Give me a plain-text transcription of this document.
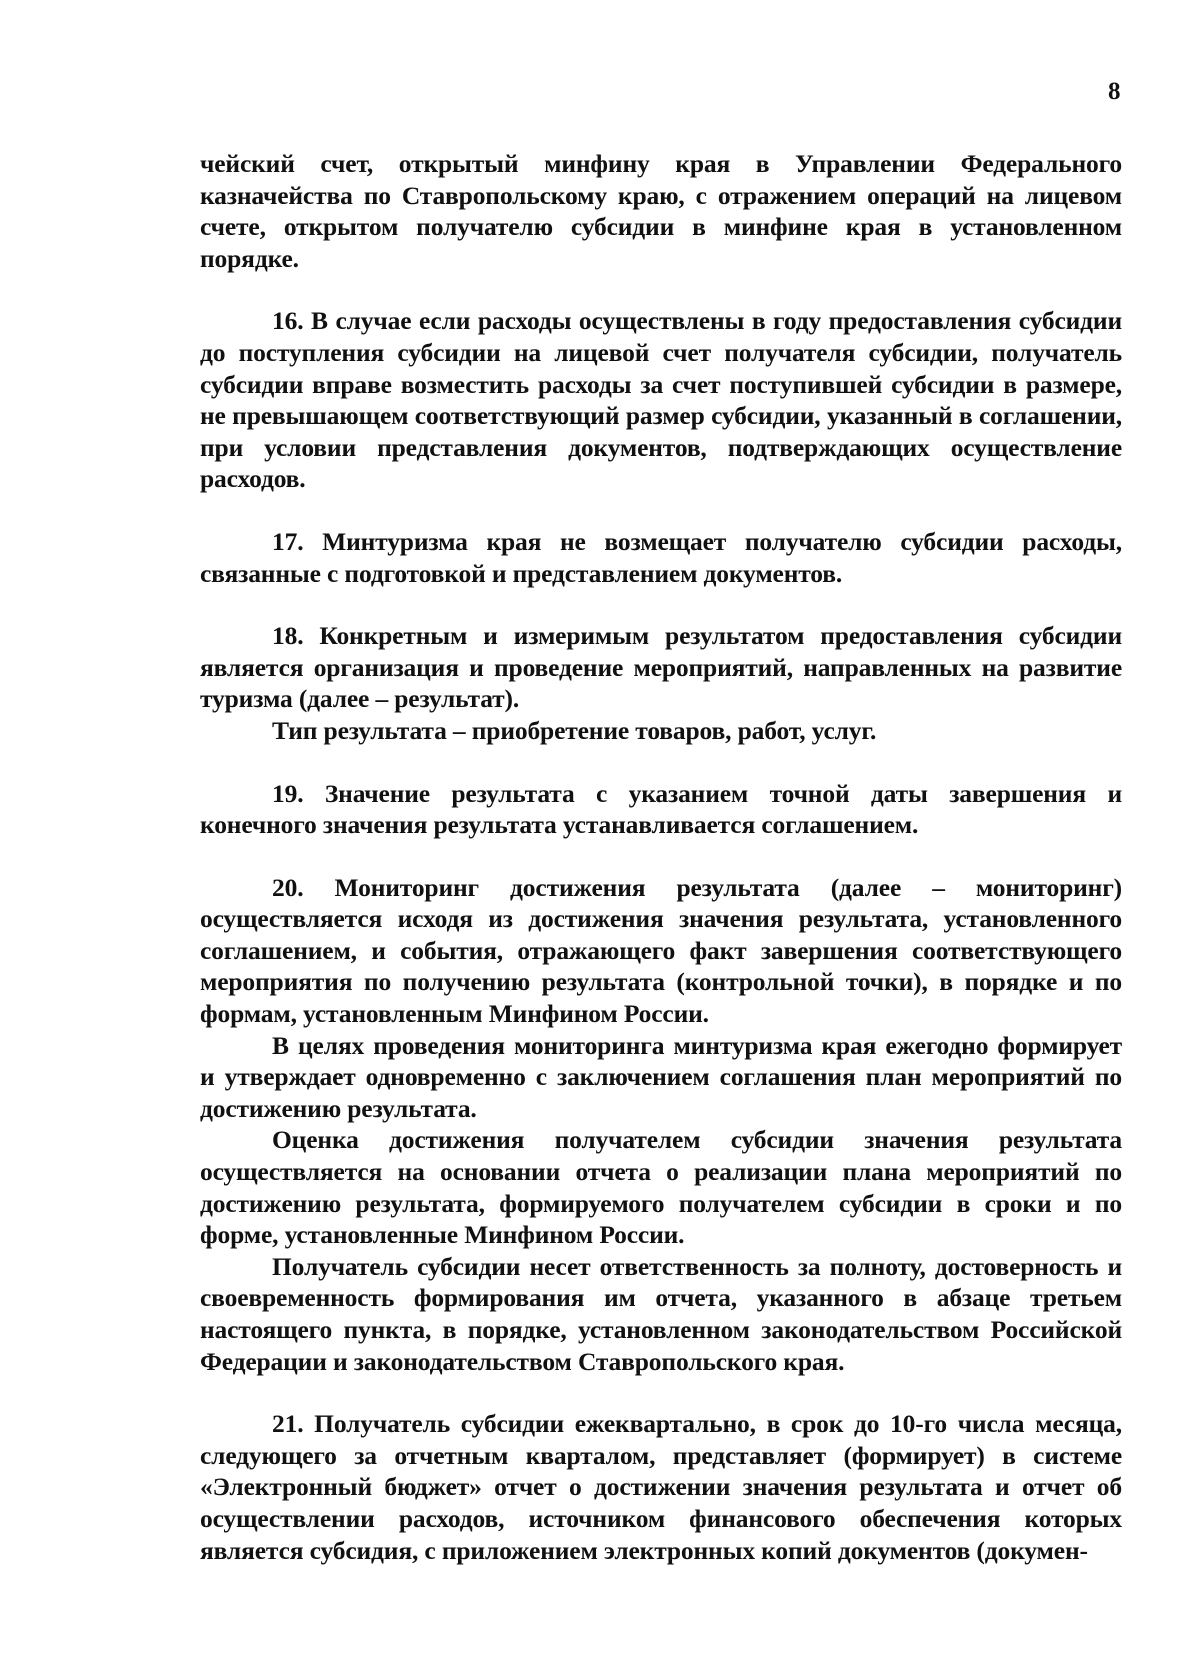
8

чейский счет, открытый минфину края в Управлении Федерального казначейства по Ставропольскому краю, с отражением операций на лицевом счете, открытом получателю субсидии в минфине края в установленном порядке.

16. В случае если расходы осуществлены в году предоставления субсидии до поступления субсидии на лицевой счет получателя субсидии, получатель субсидии вправе возместить расходы за счет поступившей субсидии в размере, не превышающем соответствующий размер субсидии, указанный в соглашении, при условии представления документов, подтверждающих осуществление расходов.

17. Минтуризма края не возмещает получателю субсидии расходы, связанные с подготовкой и представлением документов.

18. Конкретным и измеримым результатом предоставления субсидии является организация и проведение мероприятий, направленных на развитие туризма (далее – результат).

Тип результата – приобретение товаров, работ, услуг.

19. Значение результата с указанием точной даты завершения и конечного значения результата устанавливается соглашением.

20. Мониторинг достижения результата (далее – мониторинг) осуществляется исходя из достижения значения результата, установленного соглашением, и события, отражающего факт завершения соответствующего мероприятия по получению результата (контрольной точки), в порядке и по формам, установленным Минфином России.

В целях проведения мониторинга минтуризма края ежегодно формирует и утверждает одновременно с заключением соглашения план мероприятий по достижению результата.

Оценка достижения получателем субсидии значения результата осуществляется на основании отчета о реализации плана мероприятий по достижению результата, формируемого получателем субсидии в сроки и по форме, установленные Минфином России.

Получатель субсидии несет ответственность за полноту, достоверность и своевременность формирования им отчета, указанного в абзаце третьем настоящего пункта, в порядке, установленном законодательством Российской Федерации и законодательством Ставропольского края.

21. Получатель субсидии ежеквартально, в срок до 10-го числа месяца, следующего за отчетным кварталом, представляет (формирует) в системе «Электронный бюджет» отчет о достижении значения результата и отчет об осуществлении расходов, источником финансового обеспечения которых является субсидия, с приложением электронных копий документов (докумен-
